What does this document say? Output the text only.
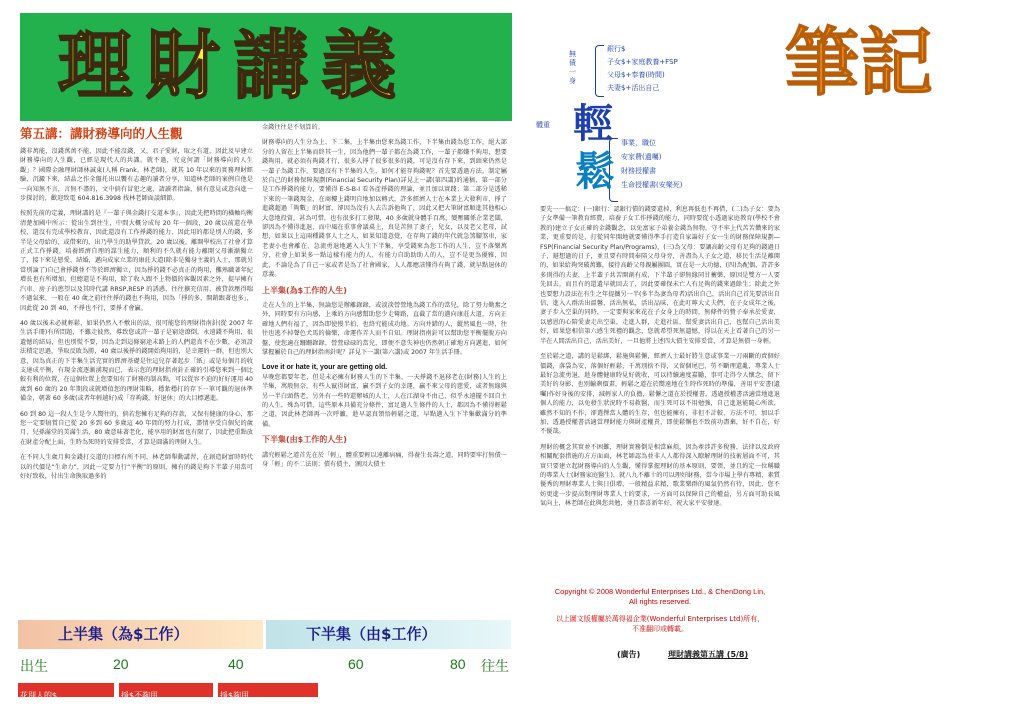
理財講義
第五講：講財務導向的人生觀

錢非萬能，沒錢萬萬不能，因此不能沒錢，又，君子愛財，取之有道，因此及早建立財務導向的人生觀，已經是現代人的共識。就不過，究竟何謂「財務導向的人生觀」？國際金融理財師林誠東(人稱 Frank，林老師)，就其 10 年以來的實務理財經驗，沉澱下來，結晶之作全盤托出以饗有志趣的讀者分享，知道林老師的案例自他是一向知無不言，言無不盡的，文中倘有冒犯之處，請讀者指論，倘有意見或意向進一步探討的，歡迎致電 604.816.3998 找林老師面談細節。

按照先前的定義，理財講的是『一輩子與金錢打交道本事』，因此先把時間的橫軸均衡清楚加國中所示：從出生到往生，中間大概分成每 20 年一個段，20 歲以前還在學校，還沒有完成學校教育，因此還沒有工作掙錢的能力，因此用的都是別人的錢，多半是父母給的，或借來的，出乃學生的助學貸款。20 歲以後，離開學校出了社會才算正式工作掙錢，培養經濟自理的謀生能力，順利的不久就有能力離開父母漸漸獨立了，接下來是戀愛、結婚，邁向成家立業的康莊大道(除非是獨身主義的人士，那就另當別論了)自己會掙錢並不等於經濟獨立，因為掙的錢不必真正的夠用，攤熟職著年紀增長也有所增加，但總還是不夠用，除了收入跟不上物價的客觀因素之外，提早擁有汽車、房子的慾望以及其時代講 RRSP,RESP 的誘惑，往往擴充信用，被貸款壓得喘不過氣來，一般在 40 歲之前往往掙的錢也不夠用，因為「掙的多，開銷跟著也多」，因此從 20 到 40，不掙也不行，要掙才會贏。

40 歲以後未必就輕鬆，如果仍然入不敷出的話，很可能您的理財指南針(從 2007 年生活手冊)有所問題，不難走彼然，導致您或許一輩子是窮途潦倒，永遠錢不夠用，很遺憾的結局，但也別慌不要，因為走到這條窮途末路上的人們還真不在少數，必須設法積定思過，爭取反敗為勝，40 歲以後掙的錢開始夠用的，是幸運的一群，但也別大意，因為真正的下半集生活充實的經濟基礎是往這兒存著起步「紙」或是每個月的收支達成平衡，有現金流逐漸湧現而已，表示您的理財指南針正確的引導您來到一個比較有利的位置，在這個位置上您要知有了財務的制高點，可以從容不迫的好好運用 40 歲到 60 歲的 20 年期段或就增值您的理財策略，穩紮穩打的存下一筆可觀的退休準備金，朝著 60 多歲(或者年輕越好)成「存夠錢，好退休」的大目標邁進。

60 到 80 這一段人生是令人嚮往的，倘若您擁有足夠的存款，又保有健康的身心，那您一定要犒賞自己從 20 多到 60 多歲這 40 年間的努力打成，盡情享受自個兒的歲月，兒孫滿堂的美滿生活，80 歲意味著老化，能享用的財富也有限了，因此把重點放在財產分配上面，生時為死時的安排妥當，才算是圓滿的理財人生。

在不同人生歲月與金錢打交道的目標有所不同，林老師舉動講習，在創造財富時時代以的代價是“生命力”，因此一定要力行“平衡”的原則，擁有的錢是夠下半輩子用當可好好致收，付出生命換取過多的

金錢往往是不划算的。

財務導向的人生分為上、下二集，上半集由您來為錢工作，下半集由錢為您工作，絕大部分的人留在上半集而終其一生，因為他們一輩子都在為錢工作，一輩子都嫌不夠用，想要錢夠用，就必須有夠錢才行，很多人掙了很多很多的錢，可是沒有存下來，到頭來仍然是一輩子為錢工作，要過沒有下半集的人生，如何才能存夠錢呢？首先要透過方法，制定屬於自己的財務保障規劃(Financial Security Plan)詳見上一講(第四講)的通稿，第一部分是工作掙錢的能力，要懂得 E-S-B-I 看各產掙錢的理論，並且加以實踐；第二部分是透稀下來的一筆錢現金，在商樓上錢明自地加以轉式，許多經濟人士在本業上大發利市，掙了進錢超過「夠數」的財富，卻因為沒有人去告訴他夠了，因此又把大筆財富順進其他相心大意地投資，甚為可惜，也有很多打工發現，40 多歲就身體手百萬，變壓關係企業老闆，卻因為不懂得進退，而中風在重事會議桌上，真是苦無了妻子，兒女，以及老父老母，試想，如果以上這兩種錢事人士之人，如果知道意覺，在存夠了錢的年代就急煞腳煞車，家老妻小也會離在，急流勇退地邁入人生下半集，享受錢來為您工作的人生，豈不落樂萬分，社會上如果多一點這樣有能力的人，有能力自助助助人的人，豈不是更為優雅，因此，不論是為了自己一家或者是為了社會國家，人人都應該懂得有夠了錢，就早點退休的意義。

上半集(為$工作的人生)

走在人生的上半集，無論您是辦離錄錄，或淡淡營營地為錢工作的當兒，除了努力勤奮之外，同時要有方向感，上乘的方向感幫助您少走彎路，直截了當的邁向康莊大道，方向正確地人們有福了，因為即使慢半拍，也終究能成功地。方向并錯的人，縱然風也一時，往往也逃不掉聲色犬馬的倫樂，命運作弄人而不自知。理財指南針可以幫助您平衡擺脫方向盤，使您適在跚跚錄錄，營營碌碌的當兒，即便不意失神也仍然朝正確地方向邁進，如何掌握屬於自己的理財指南針呢？詳見下一講(第六講)或 2007 年生活手冊。

Love it or hate it, your are getting old.

早晚您都要年老，但是未必擁有財務人生的下半集，一天掙錢不退移老在(財務)人生的上半集，萬般無奈，有些人竄得財富，贏不到子女的幸運，贏不來父母的慈愛，或者無緣與另一半白頭偕老，另外有一些時還辦城的人士，人在江湖身不由己，似乎永遠擺不回自主的人生，殊為可借，這些原本具備充分條件，富足過人生條件的人士，都因為不懂得輕鬆之道，因此林老師再一次呼籲，趁早認真領悟輕鬆之道，早點邁入生下半集歡滿分的準備。

下半集(由$工作的人生)

講究輕鬆之道首先在於「輕」，體重要輕以遠離病痛，得養生長壽之道，同時要牢打無債一身「輕」的不二法則；債有債主，頒因大債主

上半集（為$工作）	下半集（由$工作）
出生	20	40	60	80 往生
花別人的$	掙$不夠用	掙$夠用
筆記
無債一身
銀行$
子女$+家庭教養+FSP
父母$+奉養(時間)
夫妻$+活出自己
體重
事業，職位
安家費(遺囑)
財務授權書
生命授權書(安樂死)
輕
鬆

要先一一搞定：(一)銀行：認銀行債的錢要還掉，利息再低也不再借，(二)為子女：要為子女準備一筆教育經費，培養子女工作掙錢的能力，同時要從小透過家庭教育(學校不會教的)建立子女正確的金錢觀念，以免富家子弟養金錢為無物，守不牢上代苦苦攢來的家業，更重要的是，打從同年開地就要懂得準手打造自家籌好子女一生的財務保障規劃—FSP(Financial Security Plan/Programs)，(三)為父母：要讓高齡父母有足夠的錢過日子，避想過的日子，並且要有時間奉陪父母身旁，善盡為人子女之道，移民生活是離開的，如果給夠突破萬難，接待高齡父母親屬團圓，實在是一大功德，(四)為配偶，許許多多則得的夫妻，上半輩子共苦開創有成，下半輩子卻無緣同甘蓄樂，原因是雙方一人要先回去，而且有的還遺早就回去了，因此要確保未亡人有足夠的錢來過餘生；除此之外也要想力設法在有生之年提攜另一半(多半為妻為母者)活出自己，活出自己首先要活出自信，進入人群活出溫馨，活出無私，活出品味，在此叮嚀大丈夫們，在子女成年之後，妻子步入空巢的同時，一定要與家來花在子女身上的時間，無條件的贊子奉承於愛妻，以感恩的心陪愛妻走出空巢，走進人群，走進社區，幫愛妻活出自己，也幫自己活出美好，如果您相信第六感生死禮的觀念，您就希望死無遺憾，得以在天上看著自己的另一半在人間活出自己，活出美好，一旦他將上述四大債主安排妥當，才算是無債一身輕。

至於鬆之道，講的是鬆綁，鬆施與鬆懈，經濟人士最好將生意或事業一刀兩斷的賣個好價錢，落袋為安，落個好輕鬆，千萬別捨不得，又留個尾巴，勞不斷理還亂，專業人士最好急流勇退，趁身體健康時見好就收，可以持續適度嘉勵，事可走得令人懷念，留下美好的身影，也別輸剩價畫，輕鬆之道在於嚮遠地在生時作死時的準備，善用平安書(遺囑)作好身後的安排，減輕家人的負擔，鬆懈之道在於授權書，透過授權書活適當地進退個人的能力，以免發生狀況時不易救醫，而生死可以不用勉強，自己進退能隨心所欲，雖然不知的不作，卻選擇當人體的生存，但也能擁有，非但不計較，方法不可，加以手加，透過授權書活適當理財能力與財產權責，即使鬆懈也不致前功盡棄，好不自在，好不優哉。

理財的概念其實並不困難，理財實務倒是相當麻煩，因為牽涉許多稅務，法律以及政府相關配套措施的方方面面，林老師認為並非人人都得深入瞭解理財的技術層面不可，其實只要建立起財務導向的人生觀，懂得掌握理財的基本原則，要領，並且約定一位稱職的專業人士(財務家庭醫生)，就八九不離十的可以理好財務，當今市場上學有專精，素質優秀的理財專業人士與日俱增，一般精益求精，歌業樂群的風氣仍然有待，因此，您不妨更進一步提高對理財專業人士的要求，一方面可以保障自己的權益，另方面可助長風氣向上，林老師在此與您共勉，並且恭喜新年好，祝大家平安發達。

Copyright © 2008 Wonderful Enterprises Ltd., & ChenDong Lin,
All rights reserved.
以上圖文版權屬於萬得福企業(Wonderful Enterprises Ltd)所有，
不准翻印或轉載。
(廣告)	理財講義第五講 (5/8)
